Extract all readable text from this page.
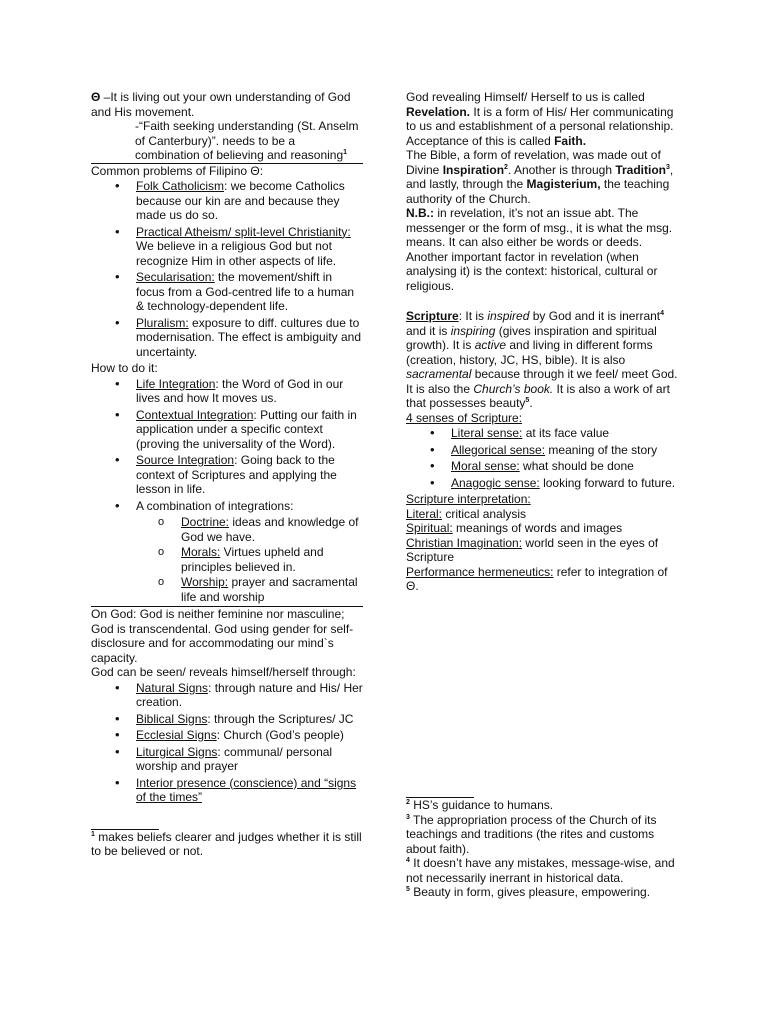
Θ –It is living out your own understanding of God and His movement.

-“Faith seeking understanding (St. Anselm of Canterbury)”. needs to be a combination of believing and reasoning$^1$

Common problems of Filipino Θ:

• Folk Catholicism: we become Catholics because our kin are and because they made us do so.
• Practical Atheism/ split-level Christianity: We believe in a religious God but not recognize Him in other aspects of life.
• Secularisation: the movement/shift in focus from a God-centred life to a human & technology-dependent life.
• Pluralism: exposure to diff. cultures due to modernisation. The effect is ambiguity and uncertainty.

How to do it:

• Life Integration: the Word of God in our lives and how It moves us.
• Contextual Integration: Putting our faith in application under a specific context (proving the universality of the Word).
• Source Integration: Going back to the context of Scriptures and applying the lesson in life.
• A combination of integrations:
o Doctrine: ideas and knowledge of God we have.
o Morals: Virtues upheld and principles believed in.
o Worship: prayer and sacramental life and worship

On God: God is neither feminine nor masculine; God is transcendental. God using gender for self-disclosure and for accommodating our mind`s capacity.

God can be seen/ reveals himself/herself through:

• Natural Signs: through nature and His/ Her creation.
• Biblical Signs: through the Scriptures/ JC
• Ecclesial Signs: Church (God’s people)
• Liturgical Signs: communal/ personal worship and prayer
• Interior presence (conscience) and “signs of the times”

$^1$ makes beliefs clearer and judges whether it is still to be believed or not.

God revealing Himself/ Herself to us is called Revelation. It is a form of His/ Her communicating to us and establishment of a personal relationship. Acceptance of this is called Faith.

The Bible, a form of revelation, was made out of Divine Inspiration$^2$. Another is through Tradition$^3$, and lastly, through the Magisterium, the teaching authority of the Church.

N.B.: in revelation, it’s not an issue abt. The messenger or the form of msg., it is what the msg. means. It can also either be words or deeds. Another important factor in revelation (when analysing it) is the context: historical, cultural or religious.

Scripture: It is inspired by God and it is inerrant$^4$ and it is inspiring (gives inspiration and spiritual growth). It is active and living in different forms (creation, history, JC, HS, bible). It is also sacramental because through it we feel/ meet God. It is also the Church’s book. It is also a work of art that possesses beauty$^5$.

4 senses of Scripture:

• Literal sense: at its face value
• Allegorical sense: meaning of the story
• Moral sense: what should be done
• Anagogic sense: looking forward to future.

Scripture interpretation:

Literal: critical analysis

Spiritual: meanings of words and images

Christian Imagination: world seen in the eyes of Scripture

Performance hermeneutics: refer to integration of Θ.

$^2$ HS’s guidance to humans.

$^3$ The appropriation process of the Church of its teachings and traditions (the rites and customs about faith).

$^4$ It doesn’t have any mistakes, message-wise, and not necessarily inerrant in historical data.

$^5$ Beauty in form, gives pleasure, empowering.
